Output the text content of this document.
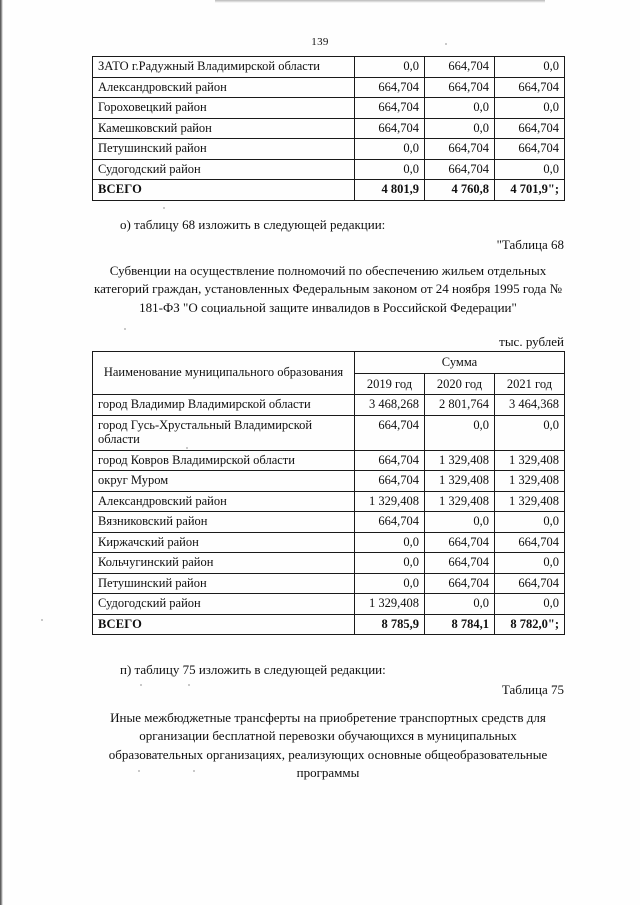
139
ЗАТО г.Радужный Владимирской области	0,0	664,704	0,0
Александровский район	664,704	664,704	664,704
Гороховецкий район	664,704	0,0	0,0
Камешковский район	664,704	0,0	664,704
Петушинский район	0,0	664,704	664,704
Судогодский район	0,0	664,704	0,0
ВСЕГО	4 801,9	4 760,8	4 701,9";
о) таблицу 68 изложить в следующей редакции:
"Таблица 68
Субвенции на осуществление полномочий по обеспечению жильем отдельных категорий граждан, установленных Федеральным законом от 24 ноября 1995 года № 181-ФЗ "О социальной защите инвалидов в Российской Федерации"
тыс. рублей
Наименование муниципального образования	Сумма		
	2019 год	2020 год	2021 год
город Владимир Владимирской области	3 468,268	2 801,764	3 464,368
город Гусь-Хрустальный Владимирской области	664,704	0,0	0,0
город Ковров Владимирской области	664,704	1 329,408	1 329,408
округ Муром	664,704	1 329,408	1 329,408
Александровский район	1 329,408	1 329,408	1 329,408
Вязниковский район	664,704	0,0	0,0
Киржачский район	0,0	664,704	664,704
Кольчугинский район	0,0	664,704	0,0
Петушинский район	0,0	664,704	664,704
Судогодский район	1 329,408	0,0	0,0
ВСЕГО	8 785,9	8 784,1	8 782,0";
п) таблицу 75 изложить в следующей редакции:
Таблица 75
Иные межбюджетные трансферты на приобретение транспортных средств для организации бесплатной перевозки обучающихся в муниципальных образовательных организациях, реализующих основные общеобразовательные программы
